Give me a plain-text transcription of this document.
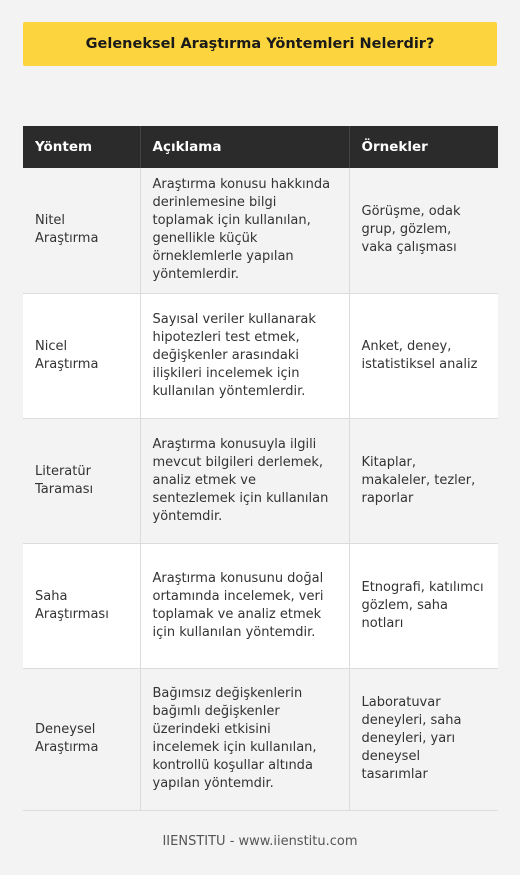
Geleneksel Araştırma Yöntemleri Nelerdir?
Yöntem	Açıklama	Örnekler
Nitel Araştırma	Araştırma konusu hakkında derinlemesine bilgi toplamak için kullanılan, genellikle küçük örneklemlerle yapılan yöntemlerdir.	Görüşme, odak grup, gözlem, vaka çalışması
Nicel Araştırma	Sayısal veriler kullanarak hipotezleri test etmek, değişkenler arasındaki ilişkileri incelemek için kullanılan yöntemlerdir.	Anket, deney, istatistiksel analiz
Literatür Taraması	Araştırma konusuyla ilgili mevcut bilgileri derlemek, analiz etmek ve sentezlemek için kullanılan yöntemdir.	Kitaplar, makaleler, tezler, raporlar
Saha Araştırması	Araştırma konusunu doğal ortamında incelemek, veri toplamak ve analiz etmek için kullanılan yöntemdir.	Etnografi, katılımcı gözlem, saha notları
Deneysel Araştırma	Bağımsız değişkenlerin bağımlı değişkenler üzerindeki etkisini incelemek için kullanılan, kontrollü koşullar altında yapılan yöntemdir.	Laboratuvar deneyleri, saha deneyleri, yarı deneysel tasarımlar
IIENSTITU - www.iienstitu.com
